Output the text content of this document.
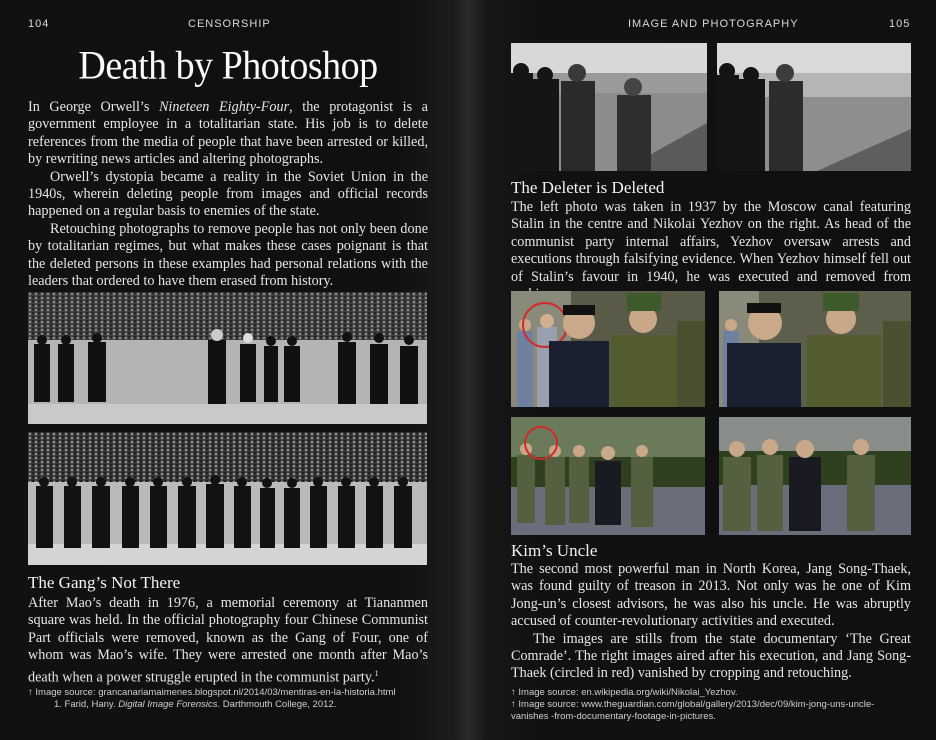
104	CENSORSHIP
Death by Photoshop

In George Orwell’s Nineteen Eighty-Four, the protagonist is a government employee in a totalitarian state. His job is to delete references from the media of people that have been arrested or killed, by rewriting news articles and altering photographs.

Orwell’s dystopia became a reality in the Soviet Union in the 1940s, wherein deleting people from images and official records happened on a regular basis to enemies of the state.

Retouching photographs to remove people has not only been done by totalitarian regimes, but what makes these cases poignant is that the deleted persons in these examples had personal relations with the leaders that ordered to have them erased from history.

The Gang’s Not There

After Mao’s death in 1976, a memorial ceremony at Tiananmen square was held. In the official photography four Chinese Communist Part officials were removed, known as the Gang of Four, one of whom was Mao’s wife. They were arrested one month after Mao’s death when a power struggle erupted in the communist party.$^1$

↑ Image source: grancanariamaimenes.blogspot.nl/2014/03/mentiras-en-la-historia.html
1. Farid, Hany. Digital Image Forensics. Darthmouth College, 2012.
IMAGE AND PHOTOGRAPHY	105
The Deleter is Deleted

The left photo was taken in 1937 by the Moscow canal featuring Stalin in the centre and Nikolai Yezhov on the right. As head of the communist party internal affairs, Yezhov oversaw arrests and executions through falsifying evidence. When Yezhov himself fell out of Stalin’s favour in 1940, he was executed and removed from

Kim’s Uncle

The second most powerful man in North Korea, Jang Song-Thaek, was found guilty of treason in 2013. Not only was he one of Kim Jong-un’s closest advisors, he was also his uncle. He was abruptly accused of counter-revolutionary activities and executed.

The images are stills from the state documentary ‘The Great Comrade’. The right images aired after his execution, and Jang Song-Thaek (circled in red) vanished by cropping and retouching.

↑ Image source: en.wikipedia.org/wiki/Nikolai_Yezhov.
↑ Image source: www.theguardian.com/global/gallery/2013/dec/09/kim-jong-uns-uncle-vanishes -from-documentary-footage-in-pictures.
